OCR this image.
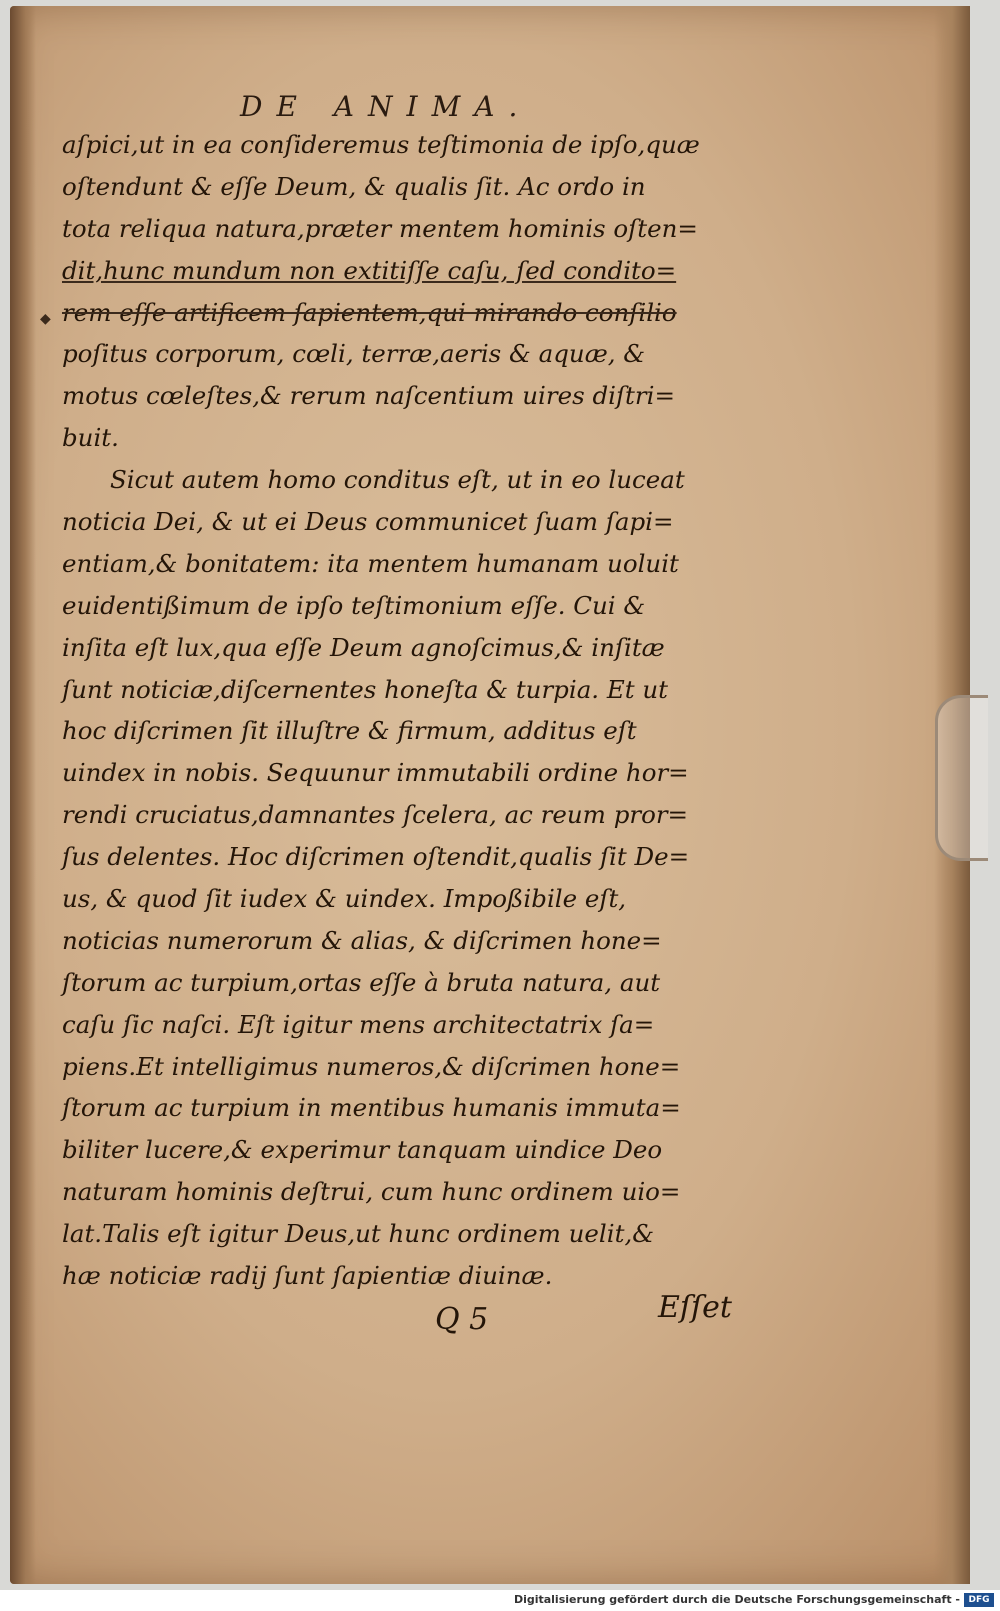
DE ANIMA.
◆
aſpici,ut in ea conſideremus teſtimonia de ipſo,quæ
oſtendunt & eſſe Deum, & qualis ſit. Ac ordo in
tota reliqua natura,præter mentem hominis oſten=
dit,hunc mundum non extitiſſe caſu, ſed condito=
rem eſſe artificem ſapientem,qui mirando conſilio
poſitus corporum, cœli, terræ,aeris & aquæ, &
motus cœleſtes,& rerum naſcentium uires diſtri=
buit.
Sicut autem homo conditus eſt, ut in eo luceat
noticia Dei, & ut ei Deus communicet ſuam ſapi=
entiam,& bonitatem: ita mentem humanam uoluit
euidentißimum de ipſo teſtimonium eſſe. Cui &
inſita eſt lux,qua eſſe Deum agnoſcimus,& inſitæ
ſunt noticiæ,diſcernentes honeſta & turpia. Et ut
hoc diſcrimen ſit illuſtre & firmum, additus eſt
uindex in nobis. Sequunur immutabili ordine hor=
rendi cruciatus,damnantes ſcelera, ac reum pror=
ſus delentes. Hoc diſcrimen oſtendit,qualis ſit De=
us, & quod ſit iudex & uindex. Impoßibile eſt,
noticias numerorum & alias, & diſcrimen hone=
ſtorum ac turpium,ortas eſſe à bruta natura, aut
caſu ſic naſci. Eſt igitur mens architectatrix ſa=
piens.Et intelligimus numeros,& diſcrimen hone=
ſtorum ac turpium in mentibus humanis immuta=
biliter lucere,& experimur tanquam uindice Deo
naturam hominis deſtrui, cum hunc ordinem uio=
lat.Talis eſt igitur Deus,ut hunc ordinem uelit,&
hæ noticiæ radij ſunt ſapientiæ diuinæ.
Q 5	Eſſet
Digitalisierung gefördert durch die Deutsche Forschungsgemeinschaft - DFG
